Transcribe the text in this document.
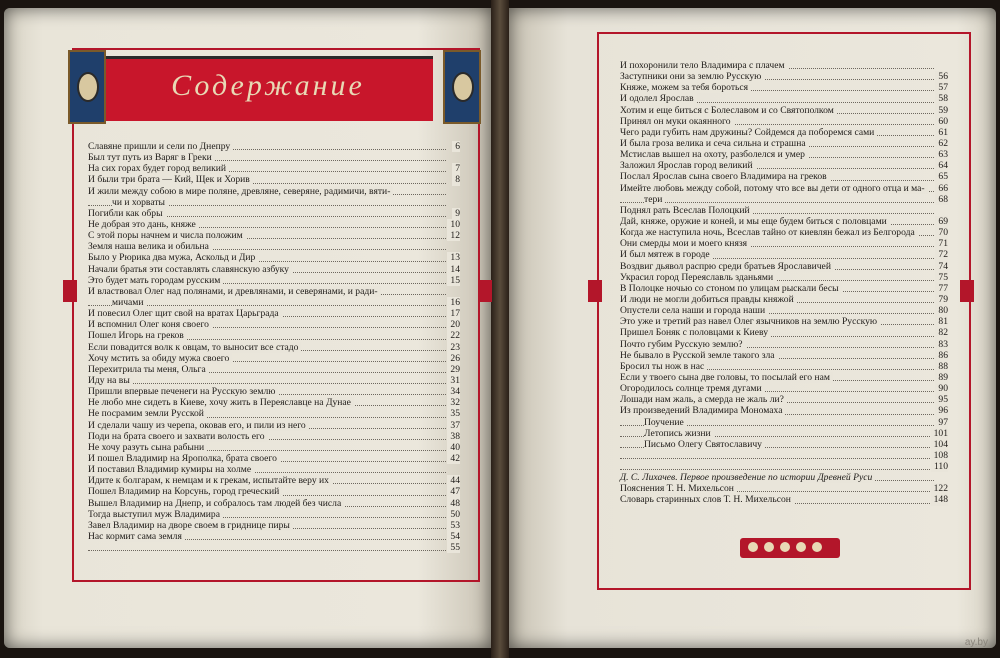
Содержание
Славяне пришли и сели по Днепру	6
Был тут путь из Варяг в Греки
На сих горах будет город великий	7
И были три брата — Кий, Щек и Хорив	8
И жили между собою в мире поляне, древляне, северяне, радимичи, вяти-
чи и хорваты
Погибли как обры	9
Не добрая это дань, княже	10
С этой поры начнем и числа положим	12
Земля наша велика и обильна
Было у Рюрика два мужа, Аскольд и Дир	13
Начали братья эти составлять славянскую азбуку	14
Это будет мать городам русским	15
И властвовал Олег над полянами, и древлянами, и северянами, и ради-
мичами	16
И повесил Олег щит свой на вратах Царьграда	17
И вспомнил Олег коня своего	20
Пошел Игорь на греков	22
Если повадится волк к овцам, то выносит все стадо	23
Хочу мстить за обиду мужа своего	26
Перехитрила ты меня, Ольга	29
Иду на вы	31
Пришли впервые печенеги на Русскую землю	34
Не любо мне сидеть в Киеве, хочу жить в Переяславце на Дунае	32
Не посрамим земли Русской	35
И сделали чашу из черепа, оковав его, и пили из него	37
Поди на брата своего и захвати волость его	38
Не хочу разуть сына рабыни	40
И пошел Владимир на Ярополка, брата своего	42
И поставил Владимир кумиры на холме
Идите к болгарам, к немцам и к грекам, испытайте веру их	44
Пошел Владимир на Корсунь, город греческий	47
Вышел Владимир на Днепр, и собралось там людей без числа	48
Тогда выступил муж Владимира	50
Завел Владимир на дворе своем в гриднице пиры	53
Нас кормит сама земля	54
55
И похоронили тело Владимира с плачем
Заступники они за землю Русскую	56
Княже, можем за тебя бороться	57
И одолел Ярослав	58
Хотим и еще биться с Болеславом и со Святополком	59
Принял он муки окаянного	60
Чего ради губить нам дружины? Сойдемся да поборемся сами	61
И была гроза велика и сеча сильна и страшна	62
Мстислав вышел на охоту, разболелся и умер	63
Заложил Ярослав город великий	64
Послал Ярослав сына своего Владимира на греков	65
Имейте любовь между собой, потому что все вы дети от одного отца и ма-	66
тери	68
Поднял рать Всеслав Полоцкий
Дай, княже, оружие и коней, и мы еще будем биться с половцами	69
Когда же наступила ночь, Всеслав тайно от киевлян бежал из Белгорода	70
Они смерды мои и моего князя	71
И был мятеж в городе	72
Воздвиг дьявол распрю среди братьев Ярославичей	74
Украсил город Переяславль зданьями	75
В Полоцке ночью со стоном по улицам рыскали бесы	77
И люди не могли добиться правды княжой	79
Опустели села наши и города наши	80
Это уже и третий раз навел Олег язычников на землю Русскую	81
Пришел Боняк с половцами к Киеву	82
Почто губим Русскую землю?	83
Не бывало в Русской земле такого зла	86
Бросил ты нож в нас	88
Если у твоего сына две головы, то посылай его нам	89
Огородилось солнце тремя дугами	90
Лошади нам жаль, а смерда не жаль ли?	95
Из произведений Владимира Мономаха	96
Поучение	97
Летопись жизни	101
Письмо Олегу Святославичу	104
108
110
Д. С. Лихачев. Первое произведение по истории Древней Руси
Пояснения Т. Н. Михельсон	122
Словарь старинных слов Т. Н. Михельсон	148
ay.by
